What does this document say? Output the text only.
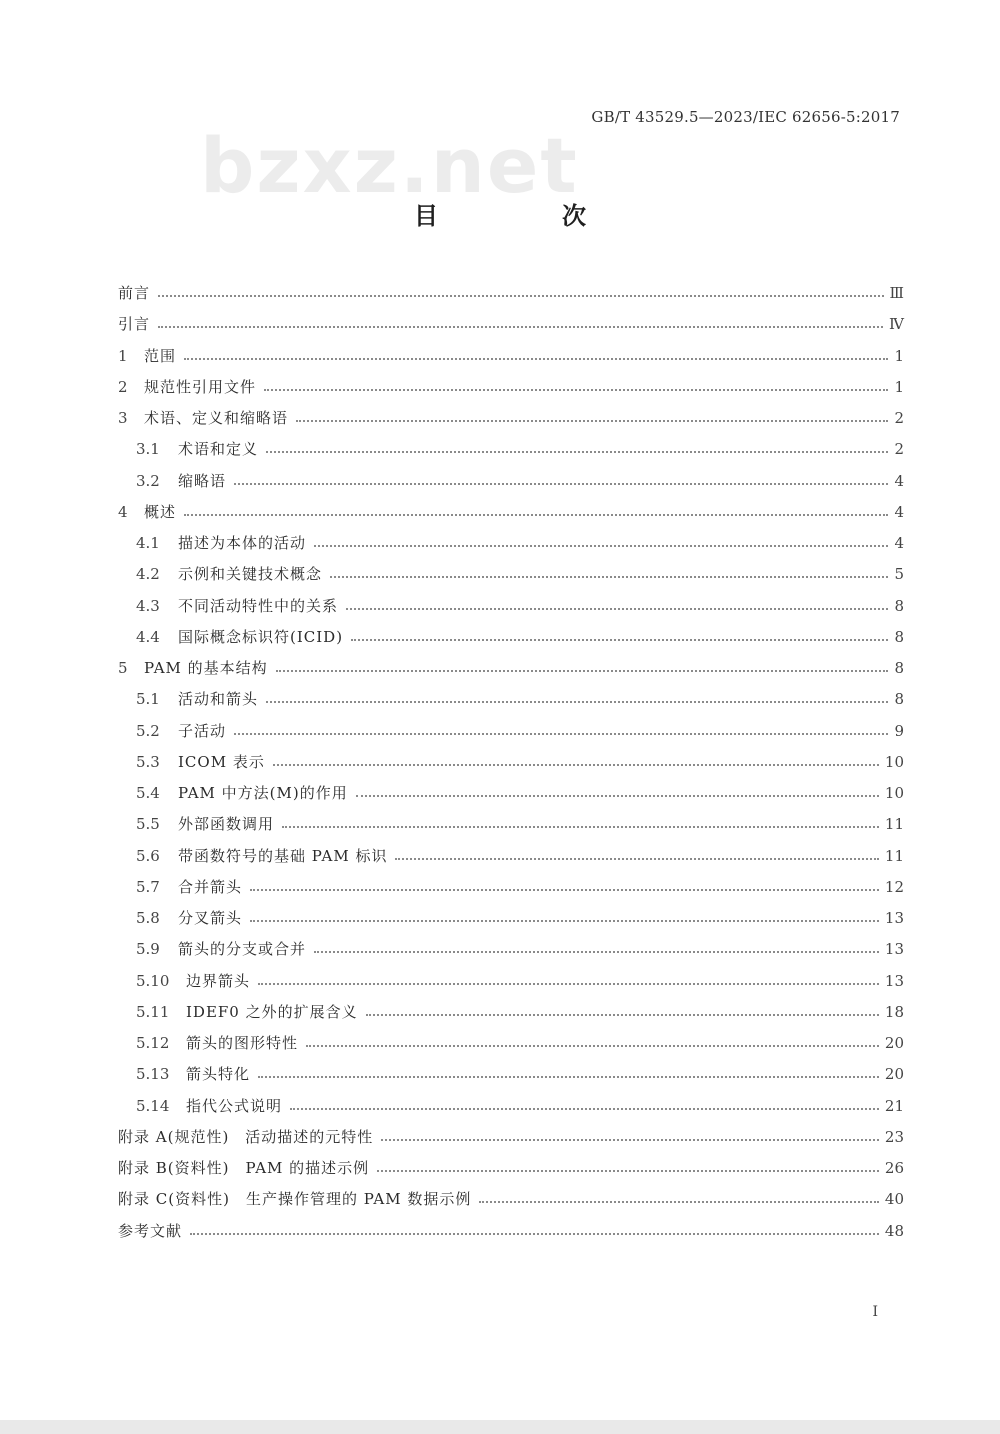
GB/T 43529.5—2023/IEC 62656-5:2017
bzxz.net
目　次
前言	Ⅲ
引言	Ⅳ
1	范围	1
2	规范性引用文件	1
3	术语、定义和缩略语	2
3.1	术语和定义	2
3.2	缩略语	4
4	概述	4
4.1	描述为本体的活动	4
4.2	示例和关键技术概念	5
4.3	不同活动特性中的关系	8
4.4	国际概念标识符(ICID)	8
5	PAM 的基本结构	8
5.1	活动和箭头	8
5.2	子活动	9
5.3	ICOM 表示	10
5.4	PAM 中方法(M)的作用	10
5.5	外部函数调用	11
5.6	带函数符号的基础 PAM 标识	11
5.7	合并箭头	12
5.8	分叉箭头	13
5.9	箭头的分支或合并	13
5.10	边界箭头	13
5.11	IDEF0 之外的扩展含义	18
5.12	箭头的图形特性	20
5.13	箭头特化	20
5.14	指代公式说明	21
附录 A(规范性)　活动描述的元特性	23
附录 B(资料性)　PAM 的描述示例	26
附录 C(资料性)　生产操作管理的 PAM 数据示例	40
参考文献	48
I
